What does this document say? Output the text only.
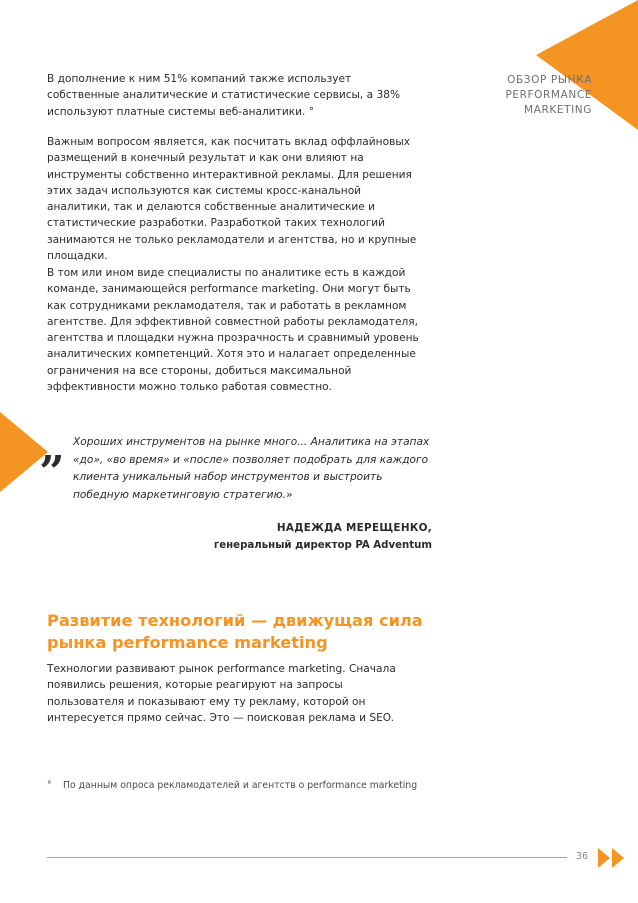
ОБЗОР РЫНКА
PERFORMANCE
MARKETING
В дополнение к ним 51% компаний также использует собственные аналитические и статистические сервисы, а 38% используют платные системы веб-аналитики. °
Важным вопросом является, как посчитать вклад оффлайновых размещений в конечный результат и как они влияют на инструменты собственно интерактивной рекламы. Для решения этих задач используются как системы кросс-канальной аналитики, так и делаются собственные аналитические и статистические разработки. Разработкой таких технологий занимаются не только рекламодатели и агентства, но и крупные площадки.
В том или ином виде специалисты по аналитике есть в каждой команде, занимающейся performance marketing. Они могут быть как сотрудниками рекламодателя, так и работать в рекламном агентстве. Для эффективной совместной работы рекламодателя, агентства и площадки нужна прозрачность и сравнимый уровень аналитических компетенций. Хотя это и налагает определенные ограничения на все стороны, добиться максимальной эффективности можно только работая совместно.
„ Хороших инструментов на рынке много... Аналитика на этапах «до», «во время» и «после» позволяет подобрать для каждого клиента уникальный набор инструментов и выстроить победную маркетинговую стратегию.»
НАДЕЖДА МЕРЕЩЕНКО,
генеральный директор PA Adventum
Развитие технологий — движущая сила рынка performance marketing
Технологии развивают рынок performance marketing. Сначала появились решения, которые реагируют на запросы пользователя и показывают ему ту рекламу, которой он интересуется прямо сейчас. Это — поисковая реклама и SEO.
° По данным опроса рекламодателей и агентств о performance marketing
36
